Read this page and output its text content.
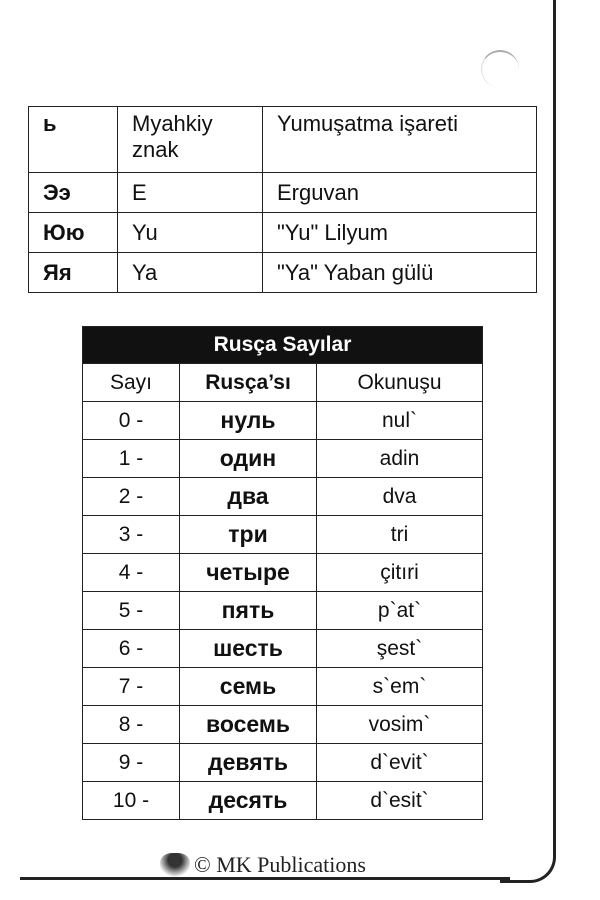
ь	Myahkiy znak	Yumuşatma işareti
Ээ	E	Erguvan
Юю	Yu	"Yu" Lilyum
Яя	Ya	"Ya" Yaban gülü
Rusça Sayılar		
Sayı	Rusça’sı	Okunuşu
0 -	нуль	nul`
1 -	один	adin
2 -	два	dva
3 -	три	tri
4 -	четыре	çitıri
5 -	пять	p`at`
6 -	шесть	şest`
7 -	семь	s`em`
8 -	восемь	vosim`
9 -	девять	d`evit`
10 -	десять	d`esit`
© MK Publications
